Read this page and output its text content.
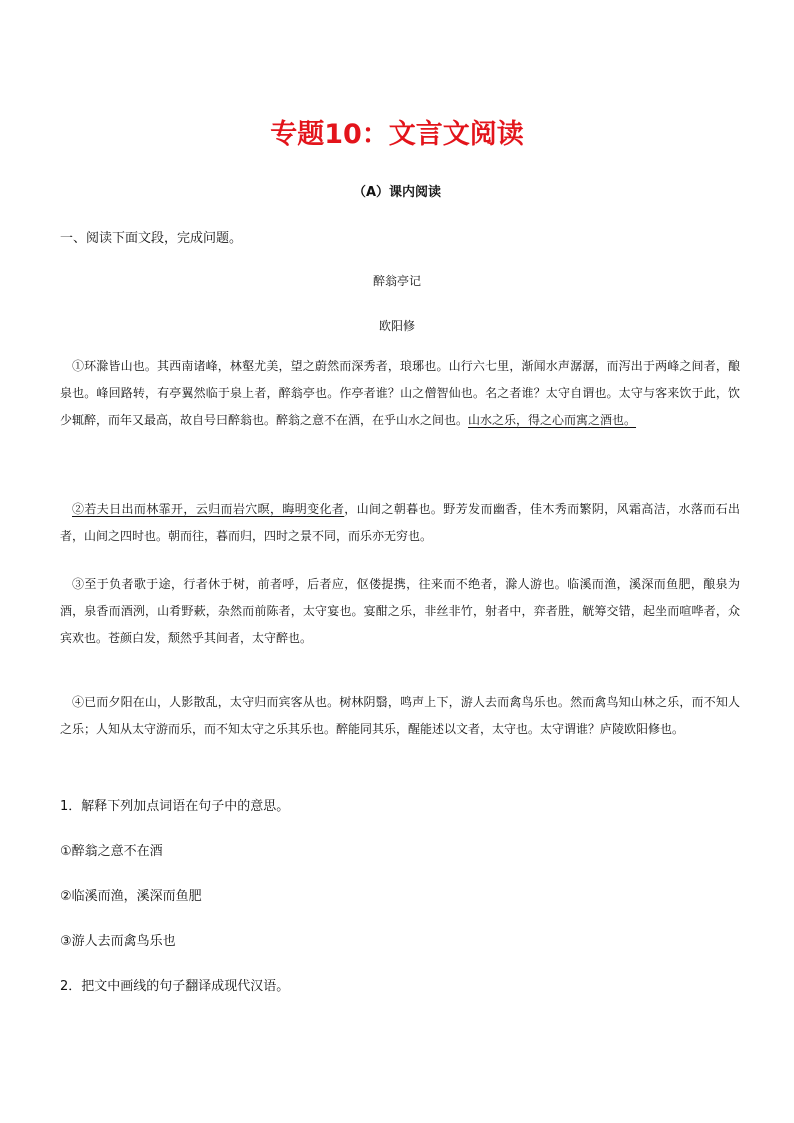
专题10：文言文阅读
（A）课内阅读
一、阅读下面文段，完成问题。
醉翁亭记
欧阳修
①环滁皆山也。其西南诸峰，林壑尤美，望之蔚然而深秀者，琅琊也。山行六七里，渐闻水声潺潺，而泻出于两峰之间者，酿泉也。峰回路转，有亭翼然临于泉上者，醉翁亭也。作亭者谁？山之僧智仙也。名之者谁？太守自谓也。太守与客来饮于此，饮少辄醉，而年又最高，故自号曰醉翁也。醉翁之意不在酒，在乎山水之间也。山水之乐，得之心而寓之酒也。
②若夫日出而林霏开，云归而岩穴暝，晦明变化者，山间之朝暮也。野芳发而幽香，佳木秀而繁阴，风霜高洁，水落而石出者，山间之四时也。朝而往，暮而归，四时之景不同，而乐亦无穷也。
③至于负者歌于途，行者休于树，前者呼，后者应，伛偻提携，往来而不绝者，滁人游也。临溪而渔，溪深而鱼肥，酿泉为酒，泉香而酒洌，山肴野蔌，杂然而前陈者，太守宴也。宴酣之乐，非丝非竹，射者中，弈者胜，觥筹交错，起坐而喧哗者，众宾欢也。苍颜白发，颓然乎其间者，太守醉也。
④已而夕阳在山，人影散乱，太守归而宾客从也。树林阴翳，鸣声上下，游人去而禽鸟乐也。然而禽鸟知山林之乐，而不知人之乐；人知从太守游而乐，而不知太守之乐其乐也。醉能同其乐，醒能述以文者，太守也。太守谓谁？庐陵欧阳修也。
1．解释下列加点词语在句子中的意思。
①醉翁之意不在酒
②临溪而渔，溪深而鱼肥
③游人去而禽鸟乐也
2．把文中画线的句子翻译成现代汉语。
